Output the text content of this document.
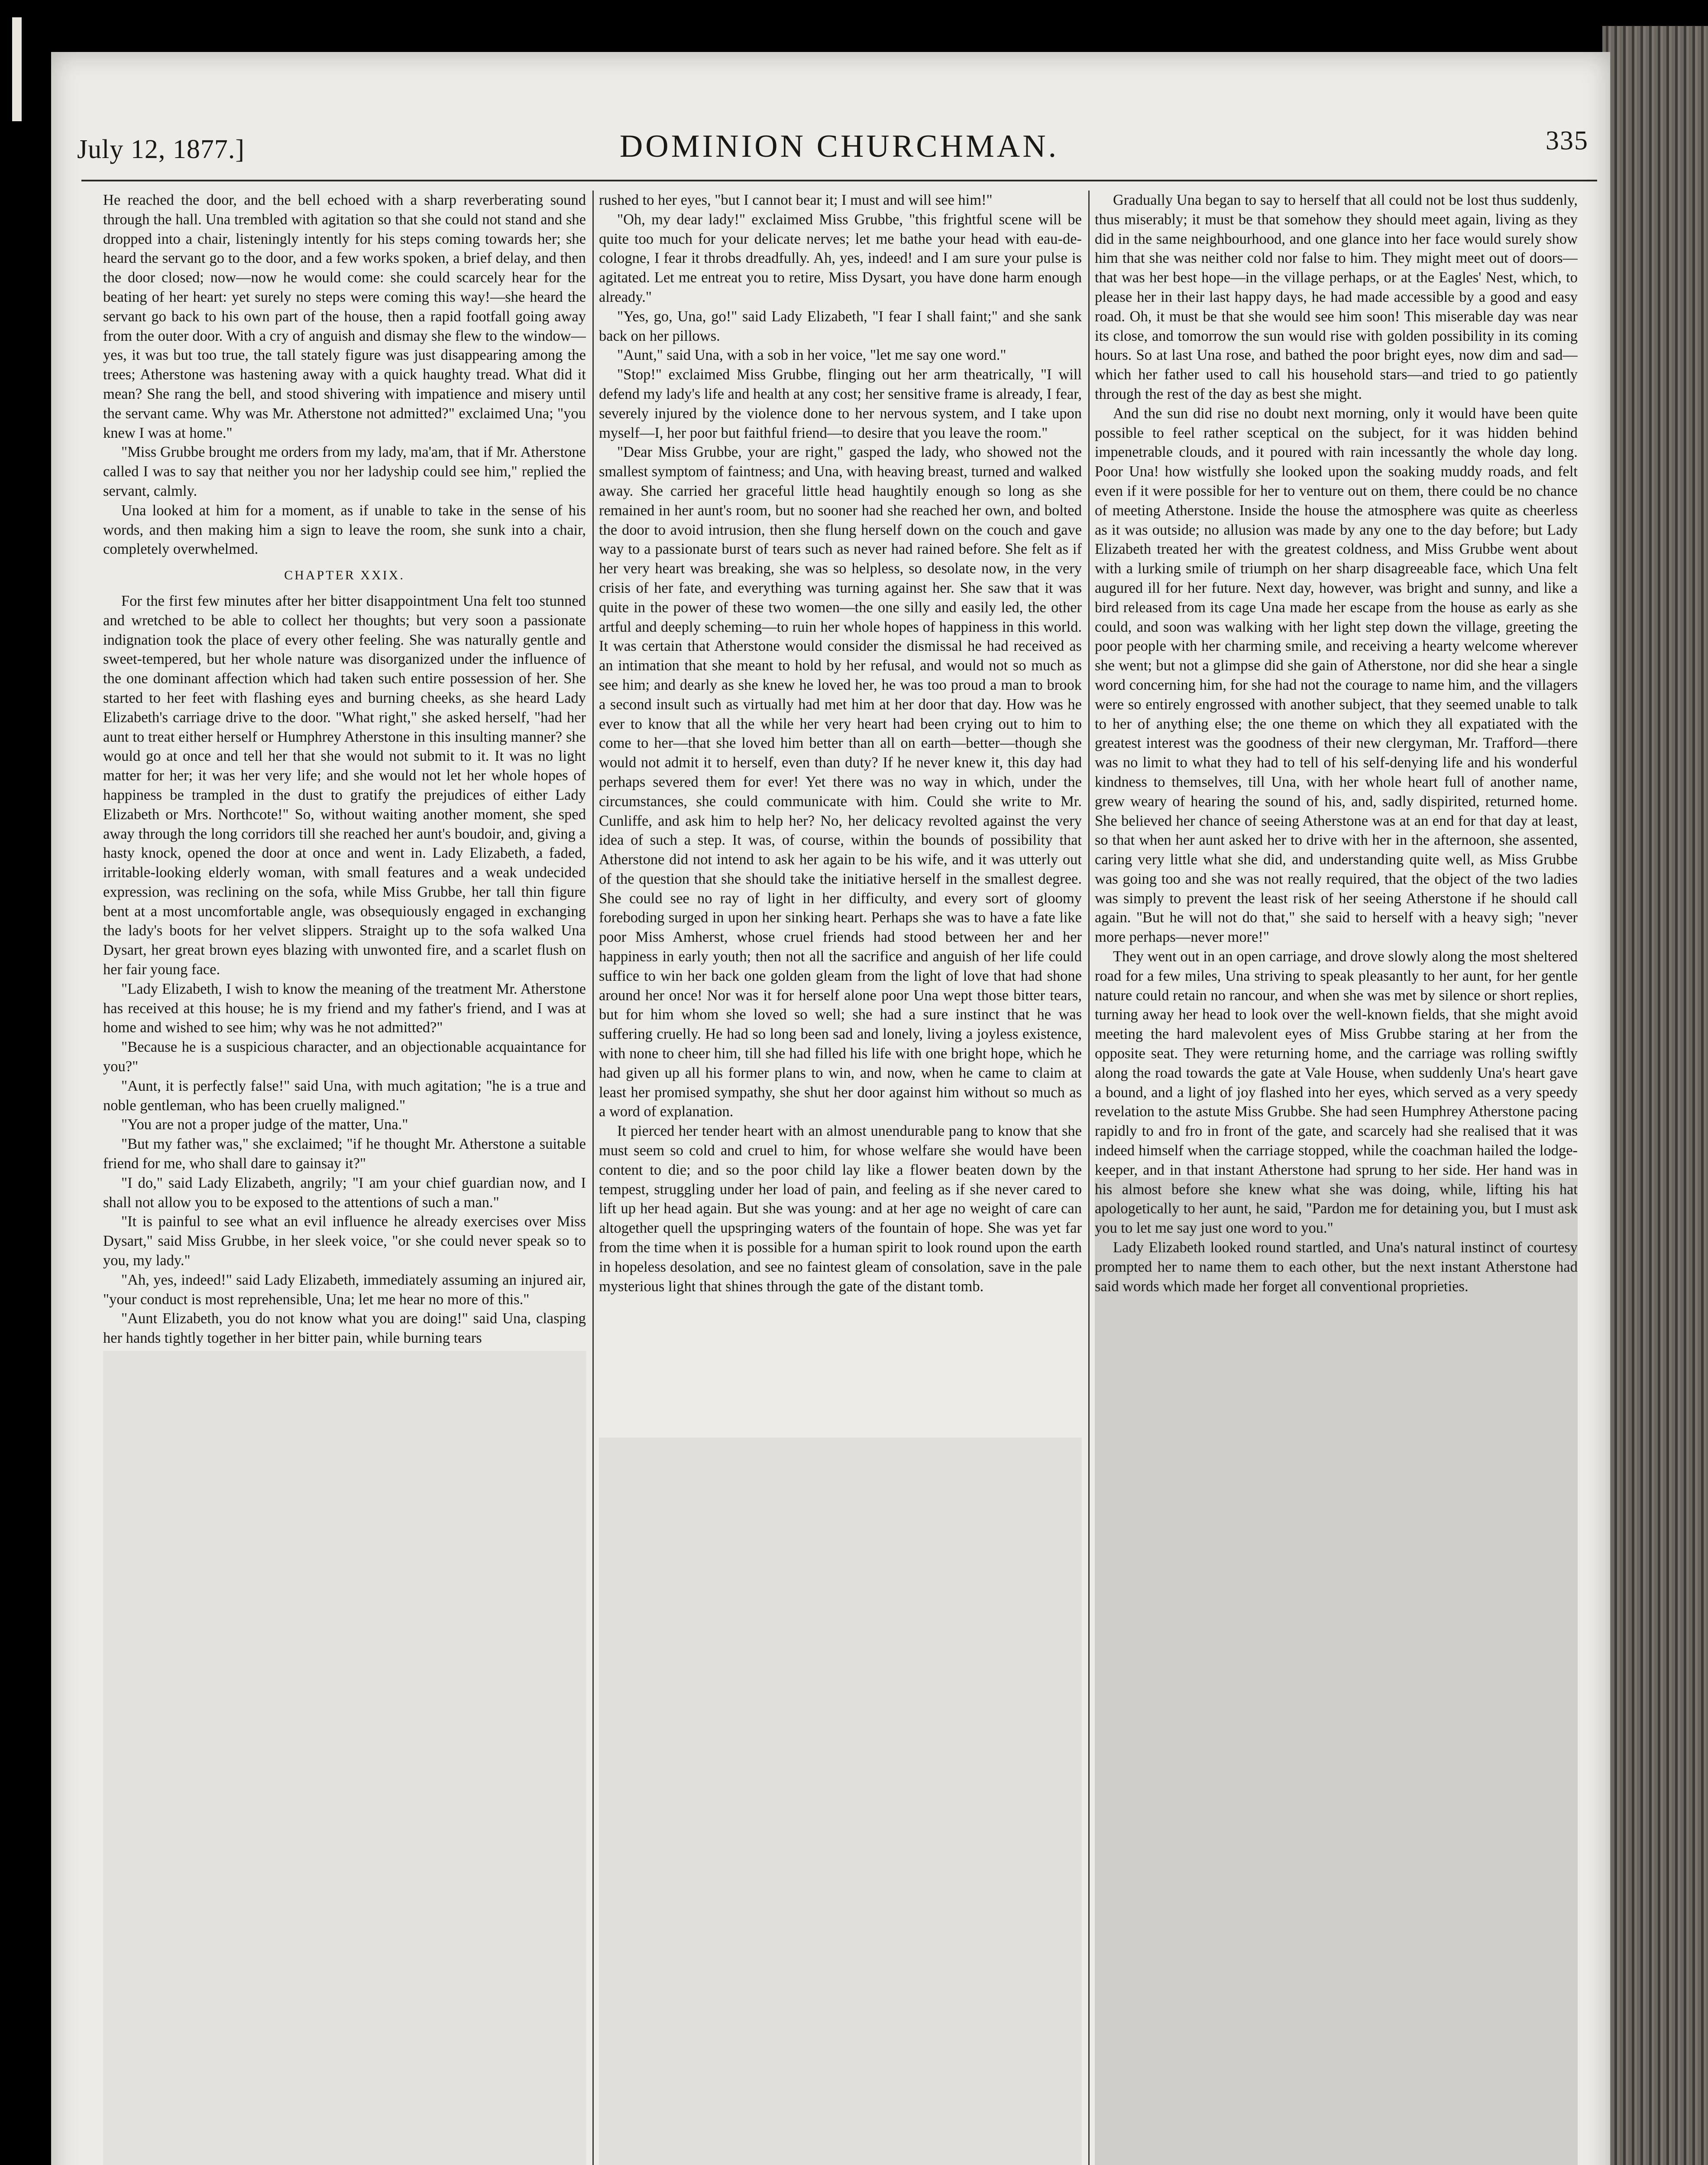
July 12, 1877.]	DOMINION CHURCHMAN.	335

He reached the door, and the bell echoed with a sharp reverberating sound through the hall. Una trembled with agitation so that she could not stand and she dropped into a chair, listeningly intently for his steps coming towards her; she heard the servant go to the door, and a few works spoken, a brief delay, and then the door closed; now—now he would come: she could scarcely hear for the beating of her heart: yet surely no steps were coming this way!—she heard the servant go back to his own part of the house, then a rapid footfall going away from the outer door. With a cry of anguish and dismay she flew to the window—yes, it was but too true, the tall stately figure was just disappearing among the trees; Atherstone was hastening away with a quick haughty tread. What did it mean? She rang the bell, and stood shivering with impatience and misery until the servant came. Why was Mr. Atherstone not admitted?" exclaimed Una; "you knew I was at home."

"Miss Grubbe brought me orders from my lady, ma'am, that if Mr. Atherstone called I was to say that neither you nor her ladyship could see him," replied the servant, calmly.

Una looked at him for a moment, as if unable to take in the sense of his words, and then making him a sign to leave the room, she sunk into a chair, completely overwhelmed.

CHAPTER XXIX.

For the first few minutes after her bitter disappointment Una felt too stunned and wretched to be able to collect her thoughts; but very soon a passionate indignation took the place of every other feeling. She was naturally gentle and sweet-tempered, but her whole nature was disorganized under the influence of the one dominant affection which had taken such entire possession of her. She started to her feet with flashing eyes and burning cheeks, as she heard Lady Elizabeth's carriage drive to the door. "What right," she asked herself, "had her aunt to treat either herself or Humphrey Atherstone in this insulting manner? she would go at once and tell her that she would not submit to it. It was no light matter for her; it was her very life; and she would not let her whole hopes of happiness be trampled in the dust to gratify the prejudices of either Lady Elizabeth or Mrs. Northcote!" So, without waiting another moment, she sped away through the long corridors till she reached her aunt's boudoir, and, giving a hasty knock, opened the door at once and went in. Lady Elizabeth, a faded, irritable-looking elderly woman, with small features and a weak undecided expression, was reclining on the sofa, while Miss Grubbe, her tall thin figure bent at a most uncomfortable angle, was obsequiously engaged in exchanging the lady's boots for her velvet slippers. Straight up to the sofa walked Una Dysart, her great brown eyes blazing with unwonted fire, and a scarlet flush on her fair young face.

"Lady Elizabeth, I wish to know the meaning of the treatment Mr. Atherstone has received at this house; he is my friend and my father's friend, and I was at home and wished to see him; why was he not admitted?"

"Because he is a suspicious character, and an objectionable acquaintance for you?"

"Aunt, it is perfectly false!" said Una, with much agitation; "he is a true and noble gentleman, who has been cruelly maligned."

"You are not a proper judge of the matter, Una."

"But my father was," she exclaimed; "if he thought Mr. Atherstone a suitable friend for me, who shall dare to gainsay it?"

"I do," said Lady Elizabeth, angrily; "I am your chief guardian now, and I shall not allow you to be exposed to the attentions of such a man."

"It is painful to see what an evil influence he already exercises over Miss Dysart," said Miss Grubbe, in her sleek voice, "or she could never speak so to you, my lady."

"Ah, yes, indeed!" said Lady Elizabeth, immediately assuming an injured air, "your conduct is most reprehensible, Una; let me hear no more of this."

"Aunt Elizabeth, you do not know what you are doing!" said Una, clasping her hands tightly together in her bitter pain, while burning tears

rushed to her eyes, "but I cannot bear it; I must and will see him!"

"Oh, my dear lady!" exclaimed Miss Grubbe, "this frightful scene will be quite too much for your delicate nerves; let me bathe your head with eau-de-cologne, I fear it throbs dreadfully. Ah, yes, indeed! and I am sure your pulse is agitated. Let me entreat you to retire, Miss Dysart, you have done harm enough already."

"Yes, go, Una, go!" said Lady Elizabeth, "I fear I shall faint;" and she sank back on her pillows.

"Aunt," said Una, with a sob in her voice, "let me say one word."

"Stop!" exclaimed Miss Grubbe, flinging out her arm theatrically, "I will defend my lady's life and health at any cost; her sensitive frame is already, I fear, severely injured by the violence done to her nervous system, and I take upon myself—I, her poor but faithful friend—to desire that you leave the room."

"Dear Miss Grubbe, your are right," gasped the lady, who showed not the smallest symptom of faintness; and Una, with heaving breast, turned and walked away. She carried her graceful little head haughtily enough so long as she remained in her aunt's room, but no sooner had she reached her own, and bolted the door to avoid intrusion, then she flung herself down on the couch and gave way to a passionate burst of tears such as never had rained before. She felt as if her very heart was breaking, she was so helpless, so desolate now, in the very crisis of her fate, and everything was turning against her. She saw that it was quite in the power of these two women—the one silly and easily led, the other artful and deeply scheming—to ruin her whole hopes of happiness in this world. It was certain that Atherstone would consider the dismissal he had received as an intimation that she meant to hold by her refusal, and would not so much as see him; and dearly as she knew he loved her, he was too proud a man to brook a second insult such as virtually had met him at her door that day. How was he ever to know that all the while her very heart had been crying out to him to come to her—that she loved him better than all on earth—better—though she would not admit it to herself, even than duty? If he never knew it, this day had perhaps severed them for ever! Yet there was no way in which, under the circumstances, she could communicate with him. Could she write to Mr. Cunliffe, and ask him to help her? No, her delicacy revolted against the very idea of such a step. It was, of course, within the bounds of possibility that Atherstone did not intend to ask her again to be his wife, and it was utterly out of the question that she should take the initiative herself in the smallest degree. She could see no ray of light in her difficulty, and every sort of gloomy foreboding surged in upon her sinking heart. Perhaps she was to have a fate like poor Miss Amherst, whose cruel friends had stood between her and her happiness in early youth; then not all the sacrifice and anguish of her life could suffice to win her back one golden gleam from the light of love that had shone around her once! Nor was it for herself alone poor Una wept those bitter tears, but for him whom she loved so well; she had a sure instinct that he was suffering cruelly. He had so long been sad and lonely, living a joyless existence, with none to cheer him, till she had filled his life with one bright hope, which he had given up all his former plans to win, and now, when he came to claim at least her promised sympathy, she shut her door against him without so much as a word of explanation.

It pierced her tender heart with an almost unendurable pang to know that she must seem so cold and cruel to him, for whose welfare she would have been content to die; and so the poor child lay like a flower beaten down by the tempest, struggling under her load of pain, and feeling as if she never cared to lift up her head again. But she was young: and at her age no weight of care can altogether quell the upspringing waters of the fountain of hope. She was yet far from the time when it is possible for a human spirit to look round upon the earth in hopeless desolation, and see no faintest gleam of consolation, save in the pale mysterious light that shines through the gate of the distant tomb.

Gradually Una began to say to herself that all could not be lost thus suddenly, thus miserably; it must be that somehow they should meet again, living as they did in the same neighbourhood, and one glance into her face would surely show him that she was neither cold nor false to him. They might meet out of doors—that was her best hope—in the village perhaps, or at the Eagles' Nest, which, to please her in their last happy days, he had made accessible by a good and easy road. Oh, it must be that she would see him soon! This miserable day was near its close, and tomorrow the sun would rise with golden possibility in its coming hours. So at last Una rose, and bathed the poor bright eyes, now dim and sad—which her father used to call his household stars—and tried to go patiently through the rest of the day as best she might.

And the sun did rise no doubt next morning, only it would have been quite possible to feel rather sceptical on the subject, for it was hidden behind impenetrable clouds, and it poured with rain incessantly the whole day long. Poor Una! how wistfully she looked upon the soaking muddy roads, and felt even if it were possible for her to venture out on them, there could be no chance of meeting Atherstone. Inside the house the atmosphere was quite as cheerless as it was outside; no allusion was made by any one to the day before; but Lady Elizabeth treated her with the greatest coldness, and Miss Grubbe went about with a lurking smile of triumph on her sharp disagreeable face, which Una felt augured ill for her future. Next day, however, was bright and sunny, and like a bird released from its cage Una made her escape from the house as early as she could, and soon was walking with her light step down the village, greeting the poor people with her charming smile, and receiving a hearty welcome wherever she went; but not a glimpse did she gain of Atherstone, nor did she hear a single word concerning him, for she had not the courage to name him, and the villagers were so entirely engrossed with another subject, that they seemed unable to talk to her of anything else; the one theme on which they all expatiated with the greatest interest was the goodness of their new clergyman, Mr. Trafford—there was no limit to what they had to tell of his self-denying life and his wonderful kindness to themselves, till Una, with her whole heart full of another name, grew weary of hearing the sound of his, and, sadly dispirited, returned home. She believed her chance of seeing Atherstone was at an end for that day at least, so that when her aunt asked her to drive with her in the afternoon, she assented, caring very little what she did, and understanding quite well, as Miss Grubbe was going too and she was not really required, that the object of the two ladies was simply to prevent the least risk of her seeing Atherstone if he should call again. "But he will not do that," she said to herself with a heavy sigh; "never more perhaps—never more!"

They went out in an open carriage, and drove slowly along the most sheltered road for a few miles, Una striving to speak pleasantly to her aunt, for her gentle nature could retain no rancour, and when she was met by silence or short replies, turning away her head to look over the well-known fields, that she might avoid meeting the hard malevolent eyes of Miss Grubbe staring at her from the opposite seat. They were returning home, and the carriage was rolling swiftly along the road towards the gate at Vale House, when suddenly Una's heart gave a bound, and a light of joy flashed into her eyes, which served as a very speedy revelation to the astute Miss Grubbe. She had seen Humphrey Atherstone pacing rapidly to and fro in front of the gate, and scarcely had she realised that it was indeed himself when the carriage stopped, while the coachman hailed the lodge-keeper, and in that instant Atherstone had sprung to her side. Her hand was in his almost before she knew what she was doing, while, lifting his hat apologetically to her aunt, he said, "Pardon me for detaining you, but I must ask you to let me say just one word to you."

Lady Elizabeth looked round startled, and Una's natural instinct of courtesy prompted her to name them to each other, but the next instant Atherstone had said words which made her forget all conventional proprieties.
